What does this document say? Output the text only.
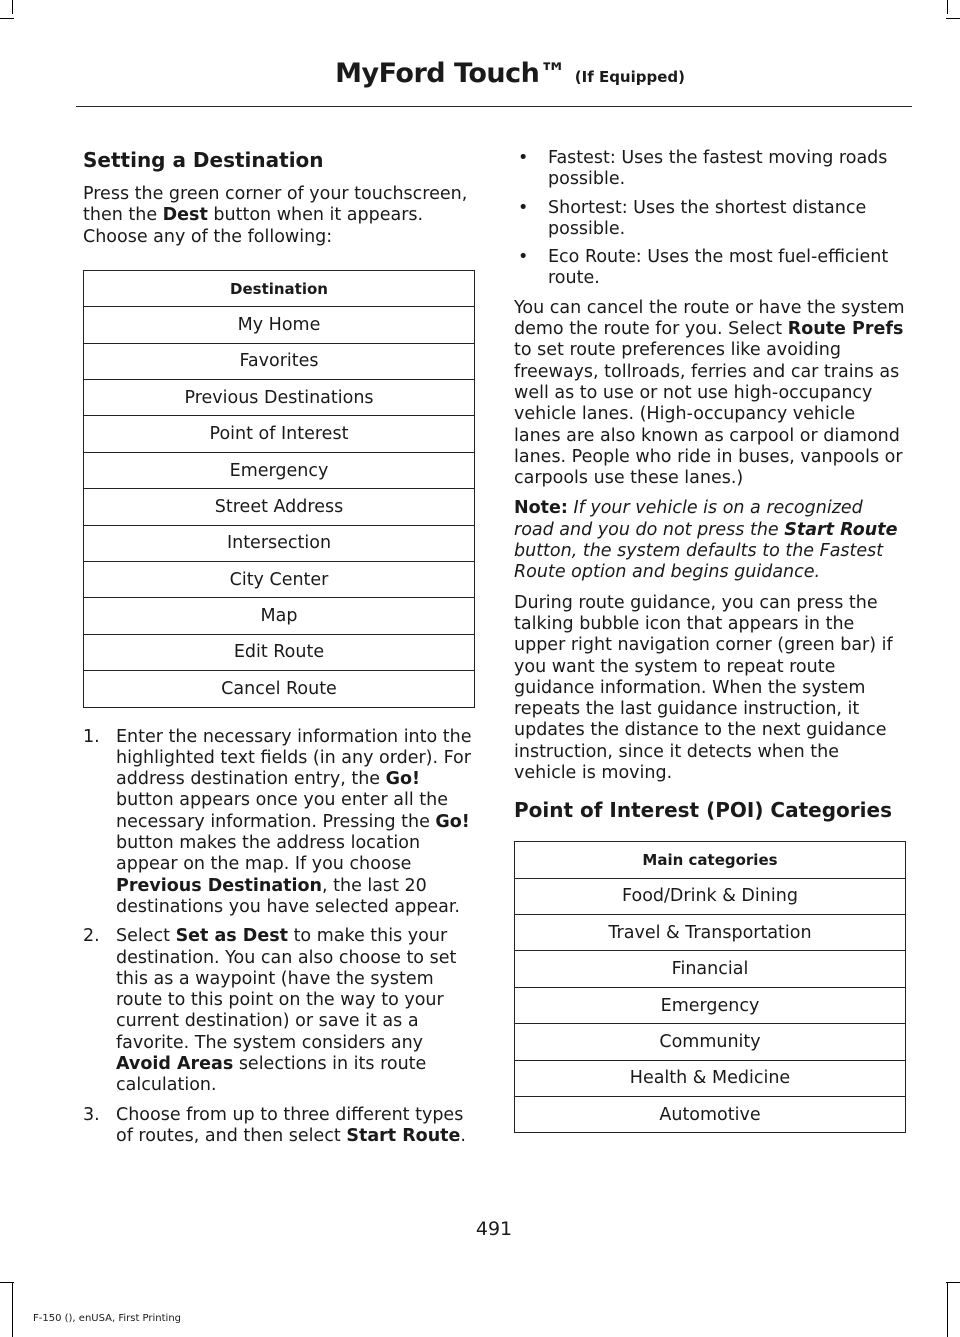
MyFord Touch™ (If Equipped)
Setting a Destination

Press the green corner of your touchscreen, then the Dest button when it appears. Choose any of the following:

Destination
My Home
Favorites
Previous Destinations
Point of Interest
Emergency
Street Address
Intersection
City Center
Map
Edit Route
Cancel Route
1. Enter the necessary information into the highlighted text fields (in any order). For address destination entry, the Go! button appears once you enter all the necessary information. Pressing the Go! button makes the address location appear on the map. If you choose Previous Destination, the last 20 destinations you have selected appear.
2. Select Set as Dest to make this your destination. You can also choose to set this as a waypoint (have the system route to this point on the way to your current destination) or save it as a favorite. The system considers any Avoid Areas selections in its route calculation.
3. Choose from up to three different types of routes, and then select Start Route.
• Fastest: Uses the fastest moving roads possible.
• Shortest: Uses the shortest distance possible.
• Eco Route: Uses the most fuel-efficient route.

You can cancel the route or have the system demo the route for you. Select Route Prefs to set route preferences like avoiding freeways, tollroads, ferries and car trains as well as to use or not use high-occupancy vehicle lanes. (High-occupancy vehicle lanes are also known as carpool or diamond lanes. People who ride in buses, vanpools or carpools use these lanes.)

Note: If your vehicle is on a recognized road and you do not press the Start Route button, the system defaults to the Fastest Route option and begins guidance.

During route guidance, you can press the talking bubble icon that appears in the upper right navigation corner (green bar) if you want the system to repeat route guidance information. When the system repeats the last guidance instruction, it updates the distance to the next guidance instruction, since it detects when the vehicle is moving.

Point of Interest (POI) Categories
Main categories
Food/Drink & Dining
Travel & Transportation
Financial
Emergency
Community
Health & Medicine
Automotive
491
F-150 (), enUSA, First Printing
